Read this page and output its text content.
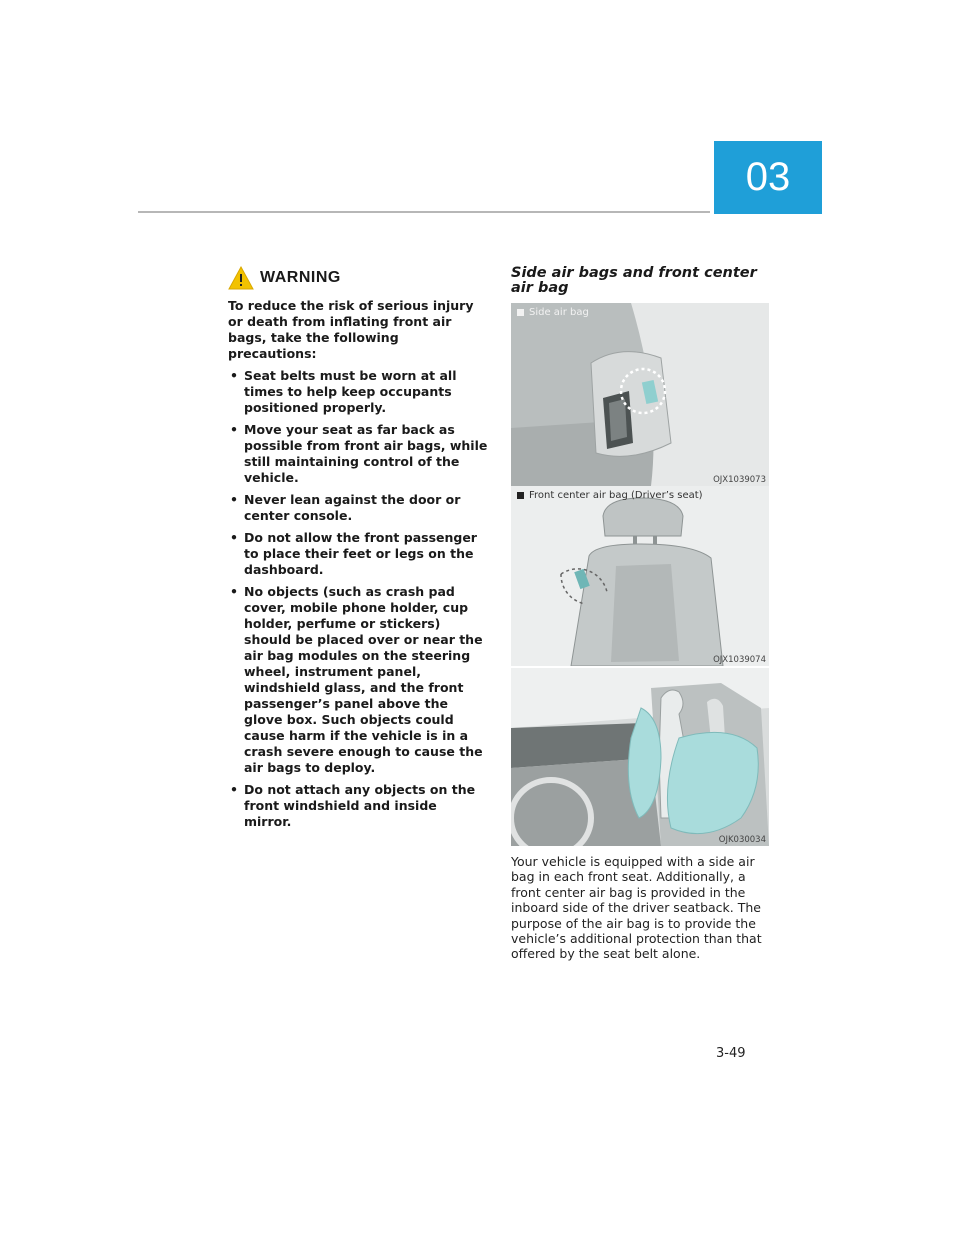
03
WARNING

To reduce the risk of serious injury or death from inflating front air bags, take the following precautions:

• Seat belts must be worn at all times to help keep occupants positioned properly.
• Move your seat as far back as possible from front air bags, while still maintaining control of the vehicle.
• Never lean against the door or center console.
• Do not allow the front passenger to place their feet or legs on the dashboard.
• No objects (such as crash pad cover, mobile phone holder, cup holder, perfume or stickers) should be placed over or near the air bag modules on the steering wheel, instrument panel, windshield glass, and the front passenger’s panel above the glove box. Such objects could cause harm if the vehicle is in a crash severe enough to cause the air bags to deploy.
• Do not attach any objects on the front windshield and inside mirror.
Side air bags and front center air bag
Side air bag
OJX1039073
Front center air bag (Driver’s seat)
OJX1039074
OJK030034

Your vehicle is equipped with a side air bag in each front seat. Additionally, a front center air bag is provided in the inboard side of the driver seatback. The purpose of the air bag is to provide the vehicle’s additional protection than that offered by the seat belt alone.

3-49
